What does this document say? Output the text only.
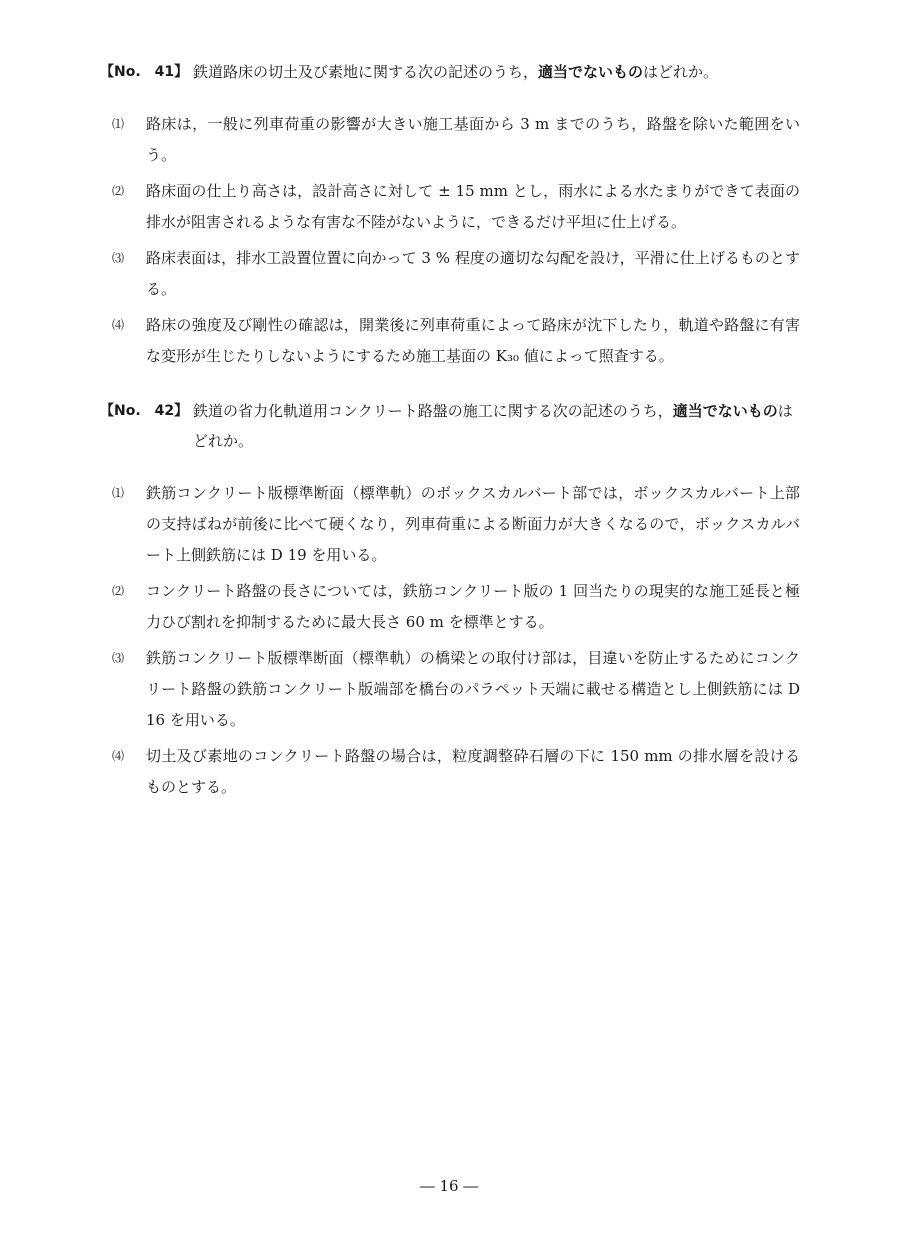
【No.　41】 鉄道路床の切土及び素地に関する次の記述のうち，適当でないものはどれか。
⑴	路床は，一般に列車荷重の影響が大きい施工基面から 3 m までのうち，路盤を除いた範囲をいう。
⑵	路床面の仕上り高さは，設計高さに対して ± 15 mm とし，雨水による水たまりができて表面の排水が阻害されるような有害な不陸がないように，できるだけ平坦に仕上げる。
⑶	路床表面は，排水工設置位置に向かって 3 % 程度の適切な勾配を設け，平滑に仕上げるものとする。
⑷	路床の強度及び剛性の確認は，開業後に列車荷重によって路床が沈下したり，軌道や路盤に有害な変形が生じたりしないようにするため施工基面の K₃₀ 値によって照査する。
【No.　42】 鉄道の省力化軌道用コンクリート路盤の施工に関する次の記述のうち，適当でないものはどれか。
⑴	鉄筋コンクリート版標準断面（標準軌）のボックスカルバート部では，ボックスカルバート上部の支持ばねが前後に比べて硬くなり，列車荷重による断面力が大きくなるので，ボックスカルバート上側鉄筋には D 19 を用いる。
⑵	コンクリート路盤の長さについては，鉄筋コンクリート版の 1 回当たりの現実的な施工延長と極力ひび割れを抑制するために最大長さ 60 m を標準とする。
⑶	鉄筋コンクリート版標準断面（標準軌）の橋梁との取付け部は，目違いを防止するためにコンクリート路盤の鉄筋コンクリート版端部を橋台のパラペット天端に載せる構造とし上側鉄筋には D 16 を用いる。
⑷	切土及び素地のコンクリート路盤の場合は，粒度調整砕石層の下に 150 mm の排水層を設けるものとする。
― 16 ―
